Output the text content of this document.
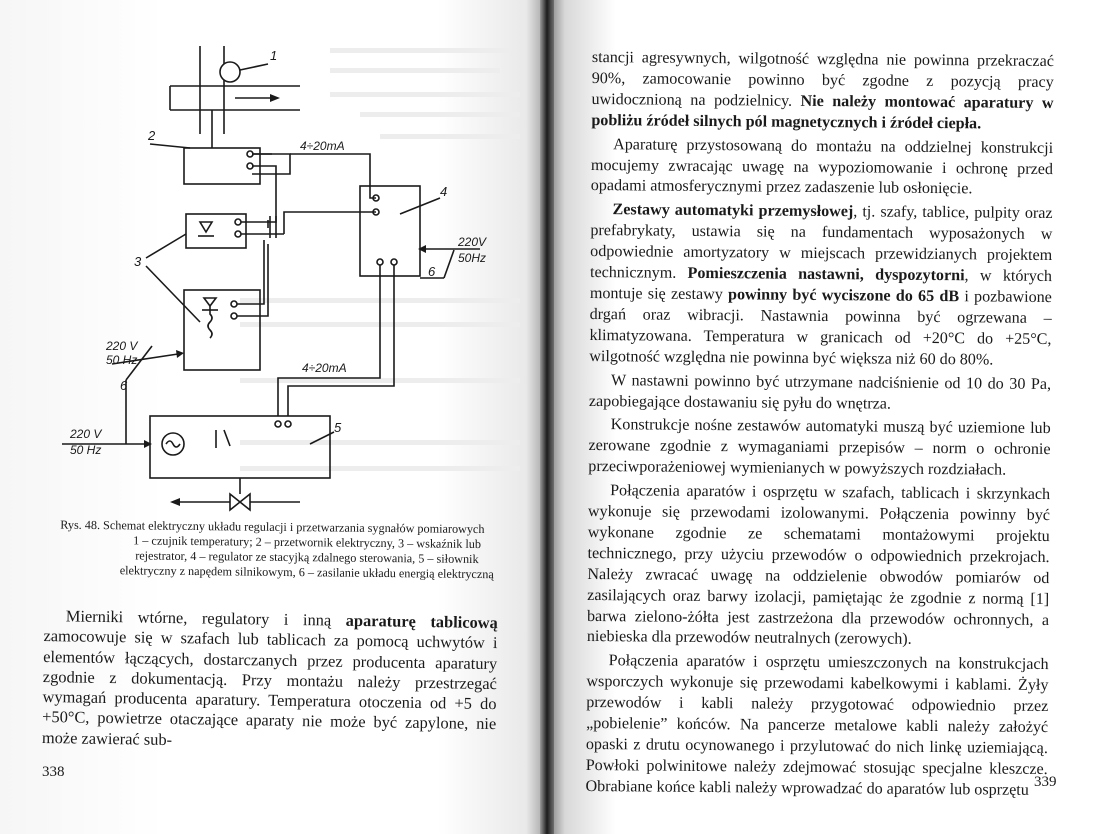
1
2
3
4
4÷20mA
4÷20mA
220V
50Hz
6
220 V
50 Hz
6
5
220 V
50 Hz

Rys. 48. Schemat elektryczny układu regulacji i przetwarzania sygnałów pomiarowych

1 – czujnik temperatury; 2 – przetwornik elektryczny, 3 – wskaźnik lub rejestrator, 4 – regulator ze stacyjką zdalnego sterowania, 5 – siłownik elektryczny z napędem silnikowym, 6 – zasilanie układu energią elektryczną

Mierniki wtórne, regulatory i inną aparaturę tablicową zamocowuje się w szafach lub tablicach za pomocą uchwytów i elementów łączących, dostarczanych przez producenta aparatury zgodnie z dokumentacją. Przy montażu należy przestrzegać wymagań producenta aparatury. Temperatura otoczenia od +5 do +50°C, powietrze otaczające aparaty nie może być zapylone, nie może zawierać sub-

338

stancji agresywnych, wilgotność względna nie powinna przekraczać 90%, zamocowanie powinno być zgodne z pozycją pracy uwidocznioną na podzielnicy. Nie należy montować aparatury w pobliżu źródeł silnych pól magnetycznych i źródeł ciepła.

Aparaturę przystosowaną do montażu na oddzielnej konstrukcji mocujemy zwracając uwagę na wypoziomowanie i ochronę przed opadami atmosferycznymi przez zadaszenie lub osłonięcie.

Zestawy automatyki przemysłowej, tj. szafy, tablice, pulpity oraz prefabrykaty, ustawia się na fundamentach wyposażonych w odpowiednie amortyzatory w miejscach przewidzianych projektem technicznym. Pomieszczenia nastawni, dyspozytorni, w których montuje się zestawy powinny być wyciszone do 65 dB i pozbawione drgań oraz wibracji. Nastawnia powinna być ogrzewana – klimatyzowana. Temperatura w granicach od +20°C do +25°C, wilgotność względna nie powinna być większa niż 60 do 80%.

W nastawni powinno być utrzymane nadciśnienie od 10 do 30 Pa, zapobiegające dostawaniu się pyłu do wnętrza.

Konstrukcje nośne zestawów automatyki muszą być uziemione lub zerowane zgodnie z wymaganiami przepisów – norm o ochronie przeciwporażeniowej wymienianych w powyższych rozdziałach.

Połączenia aparatów i osprzętu w szafach, tablicach i skrzynkach wykonuje się przewodami izolowanymi. Połączenia powinny być wykonane zgodnie ze schematami montażowymi projektu technicznego, przy użyciu przewodów o odpowiednich przekrojach. Należy zwracać uwagę na oddzielenie obwodów pomiarów od zasilających oraz barwy izolacji, pamiętając że zgodnie z normą [1] barwa zielono-żółta jest zastrzeżona dla przewodów ochronnych, a niebieska dla przewodów neutralnych (zerowych).

Połączenia aparatów i osprzętu umieszczonych na konstrukcjach wsporczych wykonuje się przewodami kabelkowymi i kablami. Żyły przewodów i kabli należy przygotować odpowiednio przez „pobielenie” końców. Na pancerze metalowe kabli należy założyć opaski z drutu ocynowanego i przylutować do nich linkę uziemiającą. Powłoki polwinitowe należy zdejmować stosując specjalne kleszcze. Obrabiane końce kabli należy wprowadzać do aparatów lub osprzętu 339
